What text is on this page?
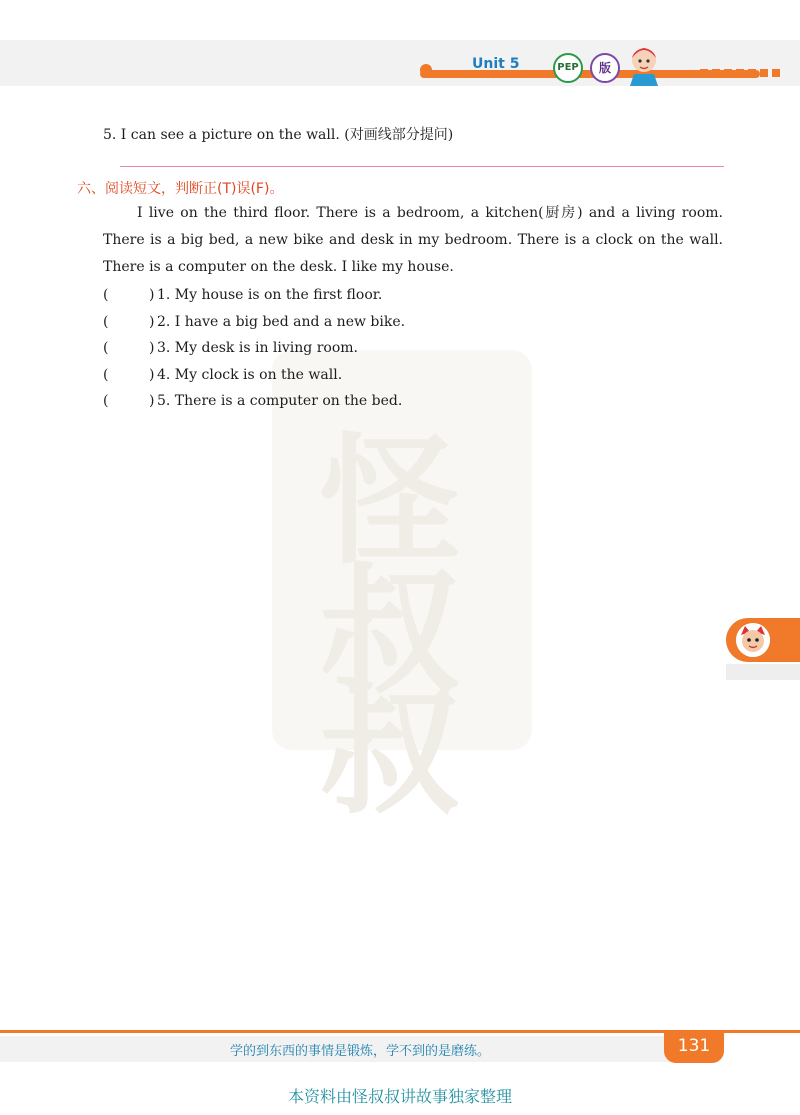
Unit 5	PEP	版
5. I can see a picture on the wall. (对画线部分提问)
六、阅读短文，判断正(T)误(F)。
I live on the third floor. There is a bedroom, a kitchen(厨房) and a living room. There is a big bed, a new bike and desk in my bedroom. There is a clock on the wall. There is a computer on the desk. I like my house.
怪
叔
叔
(	) 1. My house is on the first floor.
(	) 2. I have a big bed and a new bike.
(	) 3. My desk is in living room.
(	) 4. My clock is on the wall.
(	) 5. There is a computer on the bed.
学的到东西的事情是锻炼，学不到的是磨练。	131
本资料由怪叔叔讲故事独家整理
